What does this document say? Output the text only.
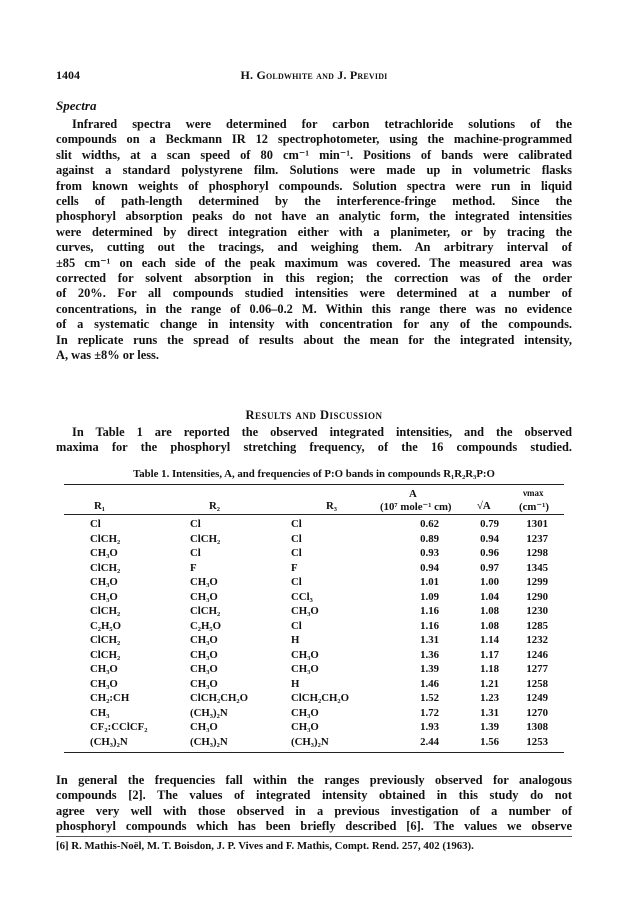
1404	H. Goldwhite and J. Previdi
Spectra
Infrared spectra were determined for carbon tetrachloride solutions of the
compounds on a Beckmann IR 12 spectrophotometer, using the machine-programmed
slit widths, at a scan speed of 80 cm⁻¹ min⁻¹. Positions of bands were calibrated
against a standard polystyrene film. Solutions were made up in volumetric flasks
from known weights of phosphoryl compounds. Solution spectra were run in liquid
cells of path-length determined by the interference-fringe method. Since the
phosphoryl absorption peaks do not have an analytic form, the integrated intensities
were determined by direct integration either with a planimeter, or by tracing the
curves, cutting out the tracings, and weighing them. An arbitrary interval of
±85 cm⁻¹ on each side of the peak maximum was covered. The measured area was
corrected for solvent absorption in this region; the correction was of the order
of 20%. For all compounds studied intensities were determined at a number of
concentrations, in the range of 0.06–0.2 M. Within this range there was no evidence
of a systematic change in intensity with concentration for any of the compounds.
In replicate runs the spread of results about the mean for the integrated intensity,
A, was ±8% or less.
Results and Discussion
In Table 1 are reported the observed integrated intensities, and the observed
maxima for the phosphoryl stretching frequency, of the 16 compounds studied.
Table 1. Intensities, A, and frequencies of P:O bands in compounds R₁R₂R₃P:O
A	νmax
R₁	R₂	R₃	(10⁷ mole⁻¹ cm) √A	(cm⁻¹)
Cl	Cl	Cl	0.62	0.79	1301
ClCH₂	ClCH₂	Cl	0.89	0.94	1237
CH₃O	Cl	Cl	0.93	0.96	1298
ClCH₂	F	F	0.94	0.97	1345
CH₃O	CH₃O	Cl	1.01	1.00	1299
CH₃O	CH₃O	CCl₃	1.09	1.04	1290
ClCH₂	ClCH₂	CH₃O	1.16	1.08	1230
C₂H₅O	C₂H₅O	Cl	1.16	1.08	1285
ClCH₂	CH₃O	H	1.31	1.14	1232
ClCH₂	CH₃O	CH₃O	1.36	1.17	1246
CH₃O	CH₃O	CH₃O	1.39	1.18	1277
CH₃O	CH₃O	H	1.46	1.21	1258
CH₂:CH	ClCH₂CH₂O	ClCH₂CH₂O	1.52	1.23	1249
CH₃	(CH₃)₂N	CH₃O	1.72	1.31	1270
CF₂:CClCF₂	CH₃O	CH₃O	1.93	1.39	1308
(CH₃)₂N	(CH₃)₂N	(CH₃)₂N	2.44	1.56	1253
In general the frequencies fall within the ranges previously observed for analogous
compounds [2]. The values of integrated intensity obtained in this study do not
agree very well with those observed in a previous investigation of a number of
phosphoryl compounds which has been briefly described [6]. The values we observe
[6] R. Mathis-Noël, M. T. Boisdon, J. P. Vives and F. Mathis, Compt. Rend. 257, 402 (1963).
